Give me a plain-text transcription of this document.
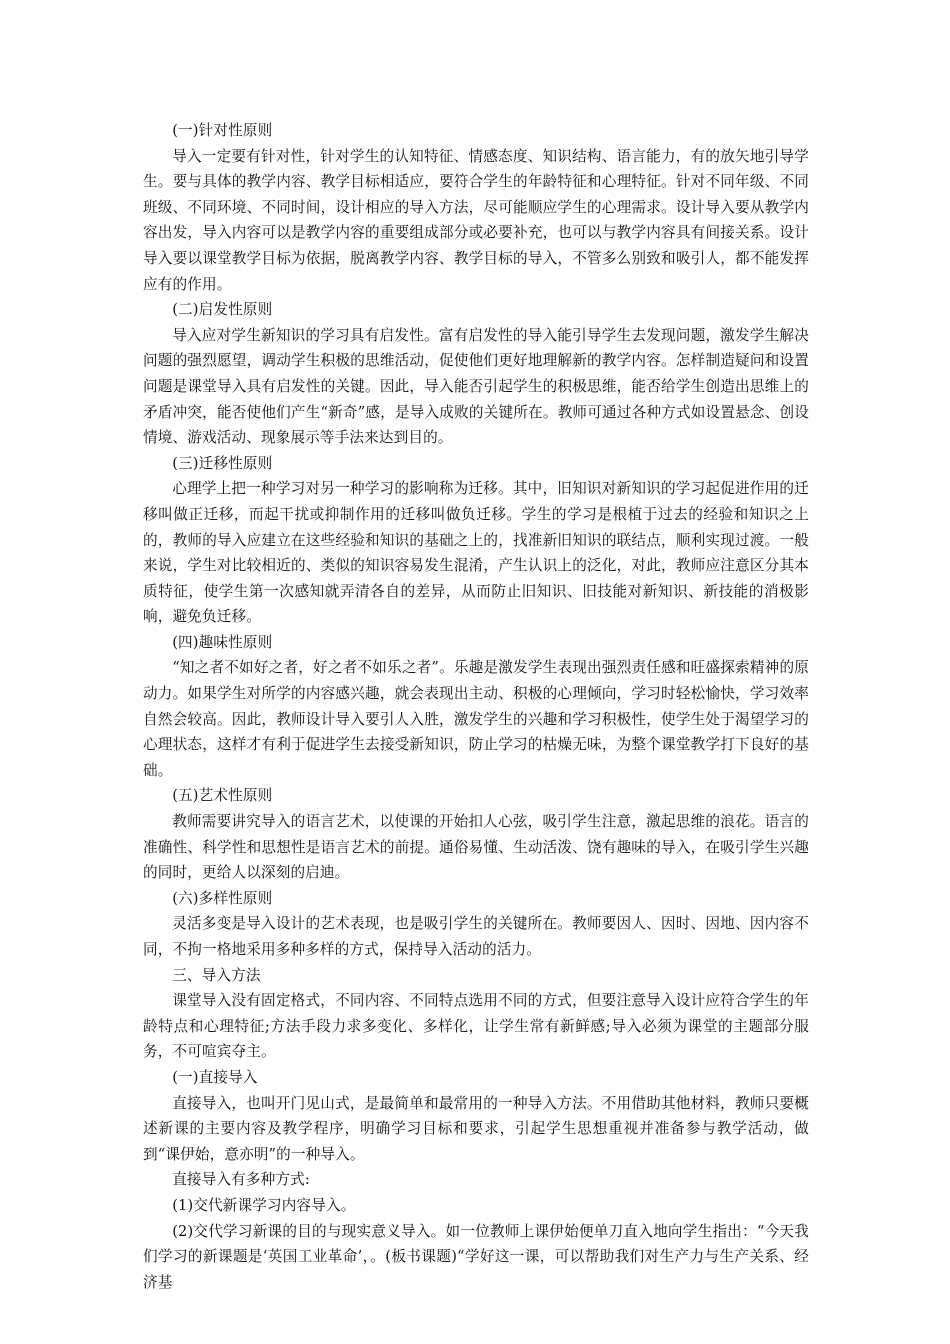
(一)针对性原则

导入一定要有针对性，针对学生的认知特征、情感态度、知识结构、语言能力，有的放矢地引导学生。要与具体的教学内容、教学目标相适应，要符合学生的年龄特征和心理特征。针对不同年级、不同班级、不同环境、不同时间，设计相应的导入方法，尽可能顺应学生的心理需求。设计导入要从教学内容出发，导入内容可以是教学内容的重要组成部分或必要补充，也可以与教学内容具有间接关系。设计导入要以课堂教学目标为依据，脱离教学内容、教学目标的导入，不管多么别致和吸引人，都不能发挥应有的作用。

(二)启发性原则

导入应对学生新知识的学习具有启发性。富有启发性的导入能引导学生去发现问题，激发学生解决问题的强烈愿望，调动学生积极的思维活动，促使他们更好地理解新的教学内容。怎样制造疑问和设置问题是课堂导入具有启发性的关键。因此，导入能否引起学生的积极思维，能否给学生创造出思维上的矛盾冲突，能否使他们产生“新奇”感，是导入成败的关键所在。教师可通过各种方式如设置悬念、创设情境、游戏活动、现象展示等手法来达到目的。

(三)迁移性原则

心理学上把一种学习对另一种学习的影响称为迁移。其中，旧知识对新知识的学习起促进作用的迁移叫做正迁移，而起干扰或抑制作用的迁移叫做负迁移。学生的学习是根植于过去的经验和知识之上的，教师的导入应建立在这些经验和知识的基础之上的，找准新旧知识的联结点，顺利实现过渡。一般来说，学生对比较相近的、类似的知识容易发生混淆，产生认识上的泛化，对此，教师应注意区分其本质特征，使学生第一次感知就弄清各自的差异，从而防止旧知识、旧技能对新知识、新技能的消极影响，避免负迁移。

(四)趣味性原则

“知之者不如好之者，好之者不如乐之者”。乐趣是激发学生表现出强烈责任感和旺盛探索精神的原动力。如果学生对所学的内容感兴趣，就会表现出主动、积极的心理倾向，学习时轻松愉快，学习效率自然会较高。因此，教师设计导入要引人入胜，激发学生的兴趣和学习积极性，使学生处于渴望学习的心理状态，这样才有利于促进学生去接受新知识，防止学习的枯燥无味，为整个课堂教学打下良好的基础。

(五)艺术性原则

教师需要讲究导入的语言艺术，以使课的开始扣人心弦，吸引学生注意，激起思维的浪花。语言的准确性、科学性和思想性是语言艺术的前提。通俗易懂、生动活泼、饶有趣味的导入，在吸引学生兴趣的同时，更给人以深刻的启迪。

(六)多样性原则

灵活多变是导入设计的艺术表现，也是吸引学生的关键所在。教师要因人、因时、因地、因内容不同，不拘一格地采用多种多样的方式，保持导入活动的活力。

三、导入方法

课堂导入没有固定格式，不同内容、不同特点选用不同的方式，但要注意导入设计应符合学生的年龄特点和心理特征;方法手段力求多变化、多样化，让学生常有新鲜感;导入必须为课堂的主题部分服务，不可喧宾夺主。

(一)直接导入

直接导入，也叫开门见山式，是最简单和最常用的一种导入方法。不用借助其他材料，教师只要概述新课的主要内容及教学程序，明确学习目标和要求，引起学生思想重视并准备参与教学活动，做到“课伊始，意亦明”的一种导入。

直接导入有多种方式:

(1)交代新课学习内容导入。

(2)交代学习新课的目的与现实意义导入。如一位教师上课伊始便单刀直入地向学生指出：“今天我们学习的新课题是‘英国工业革命’，。(板书课题)“学好这一课，可以帮助我们对生产力与生产关系、经济基
